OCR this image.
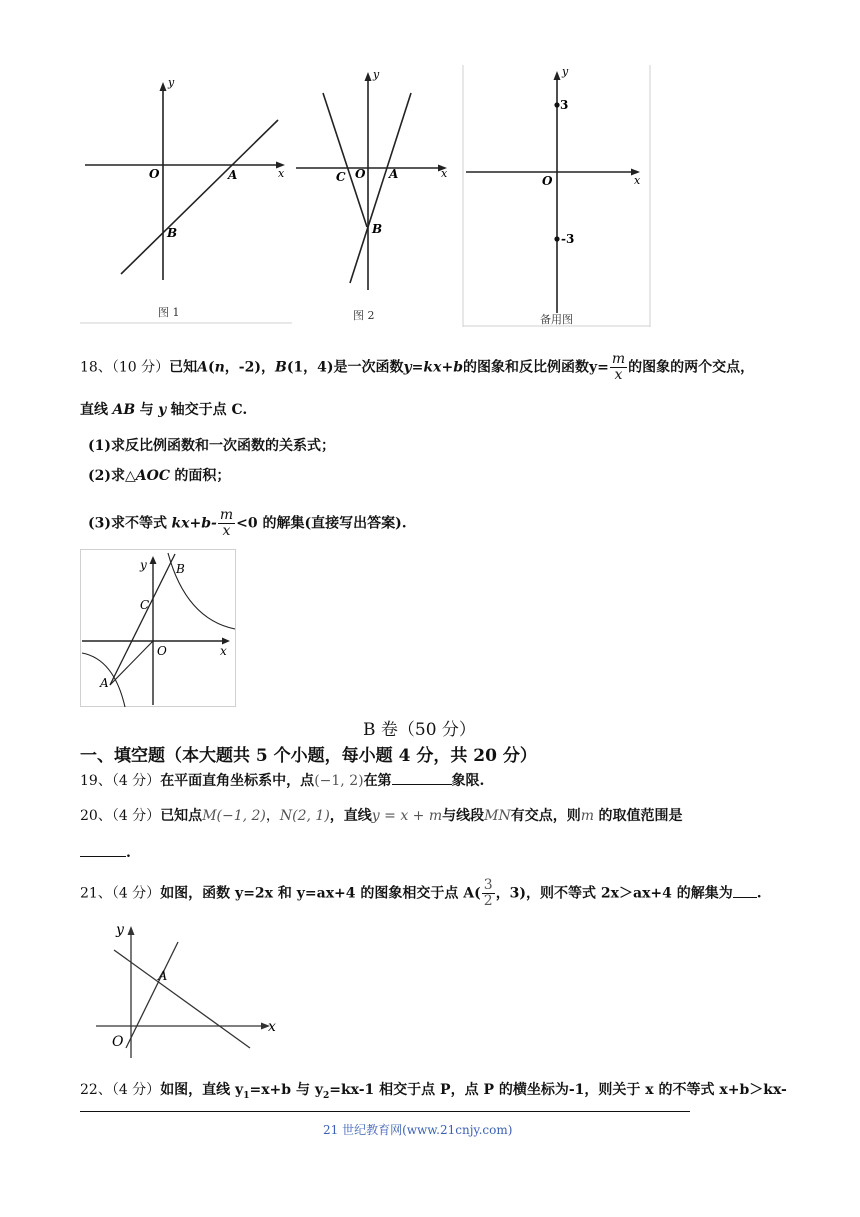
x
y
O	A
B
图 1
x
y
C O A
B
图 2
3
-3
x
y
O
备用图
18、（10 分）已知A(n，-2)，B(1，4)是一次函数y=kx+b的图象和反比例函数$y= \frac{m}{x}$ 的图象的两个交点，
直线 AB 与 y 轴交于点 C.
(1)求反比例函数和一次函数的关系式；
(2)求△AOC 的面积；
(3)求不等式 $kx+b- \frac{m}{x} <0$ 的解集(直接写出答案).
x
y
O
C
B
A
B 卷（50 分）
一、填空题（本大题共 5 个小题，每小题 4 分，共 20 分）
19、（4 分）在平面直角坐标系中，点(−1, 2)在第	象限.
20、（4 分）已知点M(−1, 2)，N(2, 1)，直线y = x + m与线段MN有交点，则m 的取值范围是
.
21、（4 分）如图，函数 y=2x 和 y=ax+4 的图象相交于点 $A( \frac{3}{2}$ ，3)，则不等式 2x＞ax+4 的解集为 .
x
y
O
A
22、（4 分）如图，直线 $y_1=x+b$ 与 $y_2=kx-1$ 相交于点 P，点 P 的横坐标为-1，则关于 x 的不等式 x+b＞kx-
21 世纪教育网(www.21cnjy.com)
